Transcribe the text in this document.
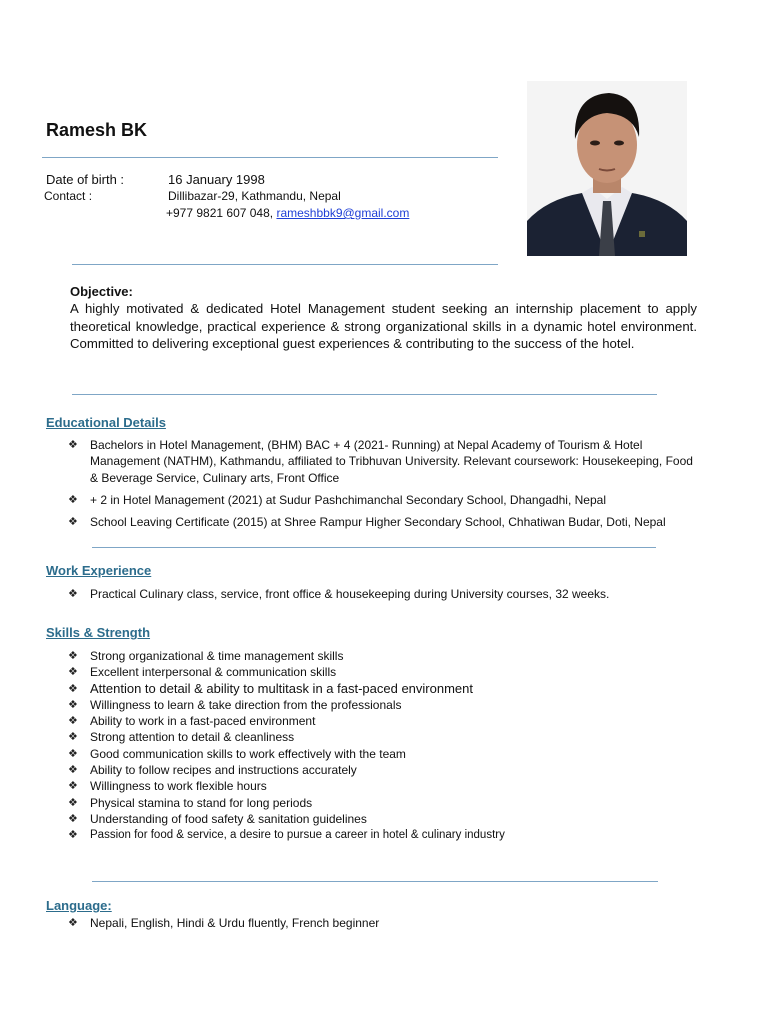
Ramesh BK
Date of birth :	16 January 1998
Contact :	Dillibazar-29, Kathmandu, Nepal
+977 9821 607 048, rameshbbk9@gmail.com
Objective:
A highly motivated & dedicated Hotel Management student seeking an internship placement to apply theoretical knowledge, practical experience & strong organizational skills in a dynamic hotel environment. Committed to delivering exceptional guest experiences & contributing to the success of the hotel.
Educational Details
❖ Bachelors in Hotel Management, (BHM) BAC + 4 (2021- Running) at Nepal Academy of Tourism & Hotel Management (NATHM), Kathmandu, affiliated to Tribhuvan University. Relevant coursework: Housekeeping, Food & Beverage Service, Culinary arts, Front Office
❖ + 2 in Hotel Management (2021) at Sudur Pashchimanchal Secondary School, Dhangadhi, Nepal
❖ School Leaving Certificate (2015) at Shree Rampur Higher Secondary School, Chhatiwan Budar, Doti, Nepal
Work Experience
❖ Practical Culinary class, service, front office & housekeeping during University courses, 32 weeks.
Skills & Strength
❖ Strong organizational & time management skills
❖ Excellent interpersonal & communication skills
❖ Attention to detail & ability to multitask in a fast-paced environment
❖ Willingness to learn & take direction from the professionals
❖ Ability to work in a fast-paced environment
❖ Strong attention to detail & cleanliness
❖ Good communication skills to work effectively with the team
❖ Ability to follow recipes and instructions accurately
❖ Willingness to work flexible hours
❖ Physical stamina to stand for long periods
❖ Understanding of food safety & sanitation guidelines
❖ Passion for food & service, a desire to pursue a career in hotel & culinary industry
Language:
❖ Nepali, English, Hindi & Urdu fluently, French beginner
